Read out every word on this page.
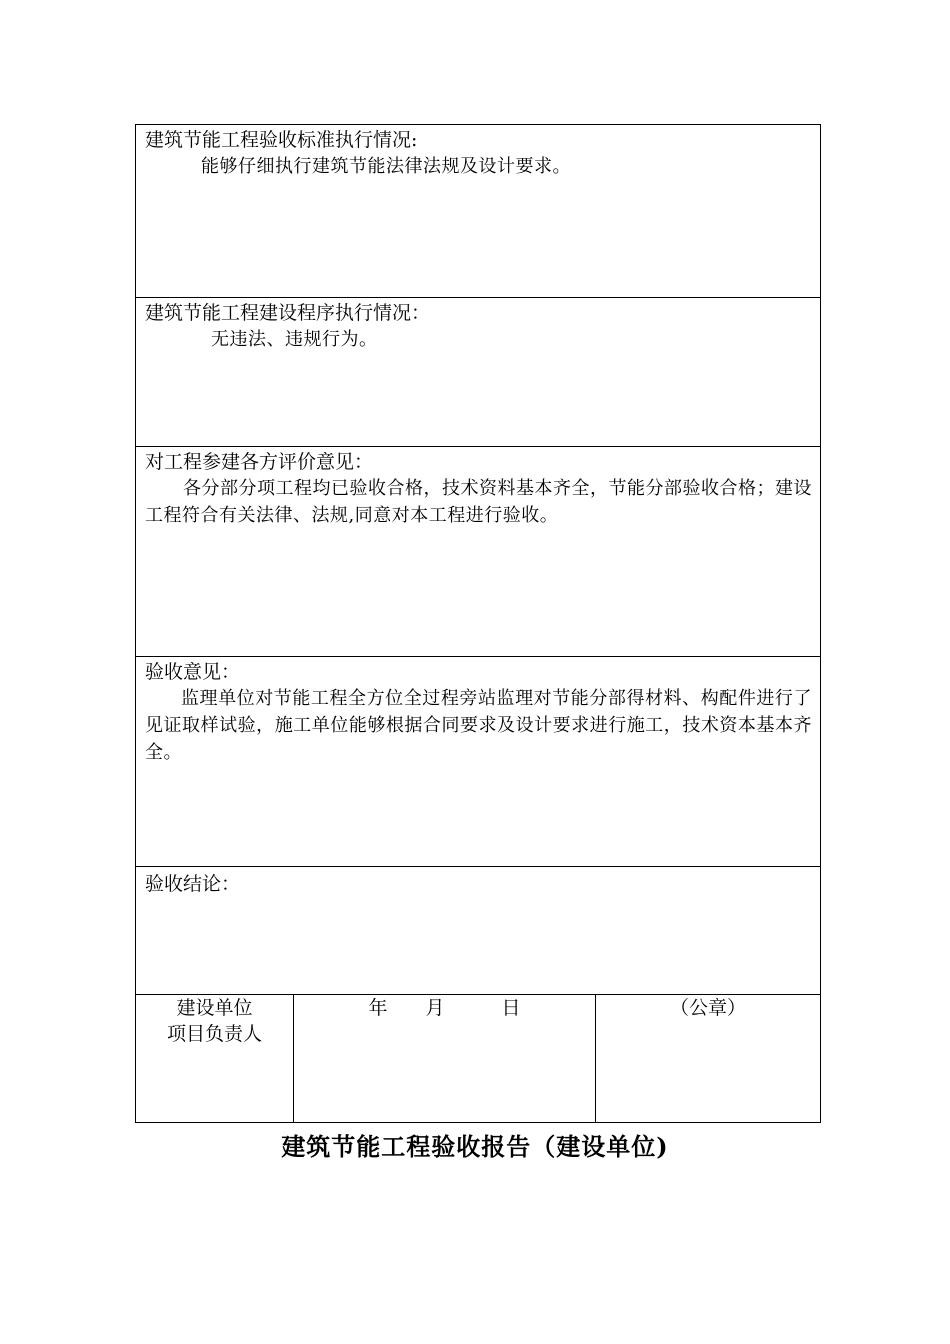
建筑节能工程验收标准执行情况:
能够仔细执行建筑节能法律法规及设计要求。

建筑节能工程建设程序执行情况：
无违法、违规行为。

对工程参建各方评价意见：
各分部分项工程均已验收合格，技术资料基本齐全，节能分部验收合格；建设工程符合有关法律、法规,同意对本工程进行验收。

验收意见：
监理单位对节能工程全方位全过程旁站监理对节能分部得材料、构配件进行了见证取样试验，施工单位能够根据合同要求及设计要求进行施工，技术资本基本齐全。

验收结论：

建设单位
项目负责人

年　　月　　　日	（公章）
建筑节能工程验收报告（建设单位)
